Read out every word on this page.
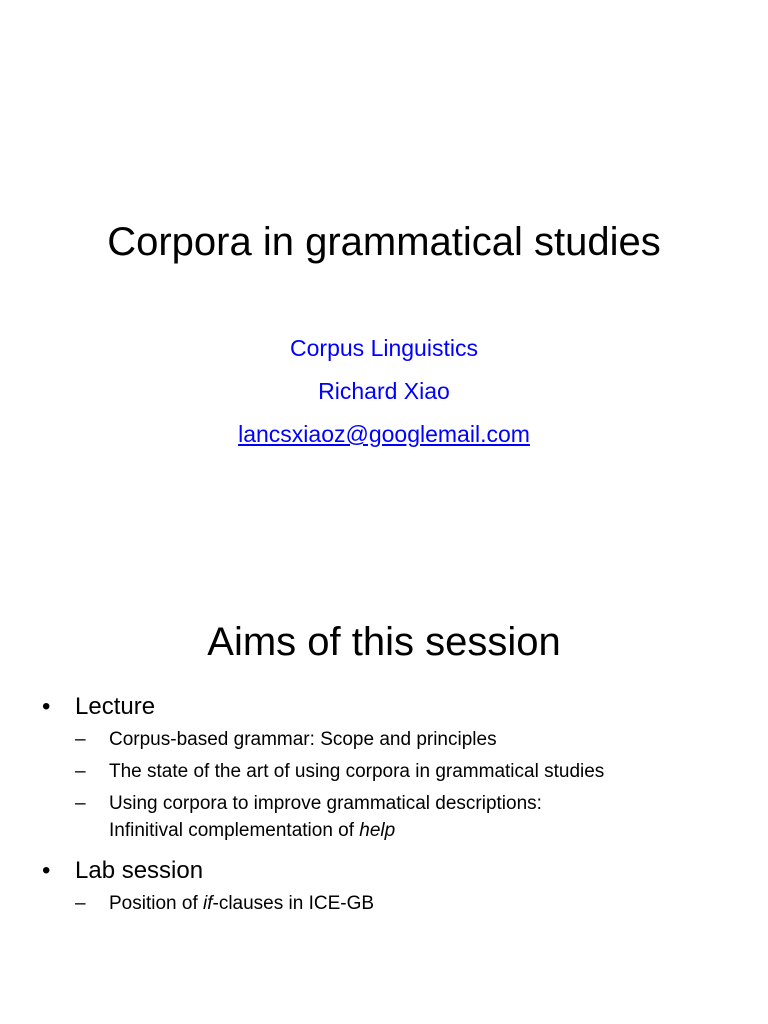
Corpora in grammatical studies
Corpus Linguistics
Richard Xiao
lancsxiaoz@googlemail.com
Aims of this session
• Lecture
– Corpus-based grammar: Scope and principles
– The state of the art of using corpora in grammatical studies
– Using corpora to improve grammatical descriptions:
Infinitival complementation of help
• Lab session
– Position of if-clauses in ICE-GB
